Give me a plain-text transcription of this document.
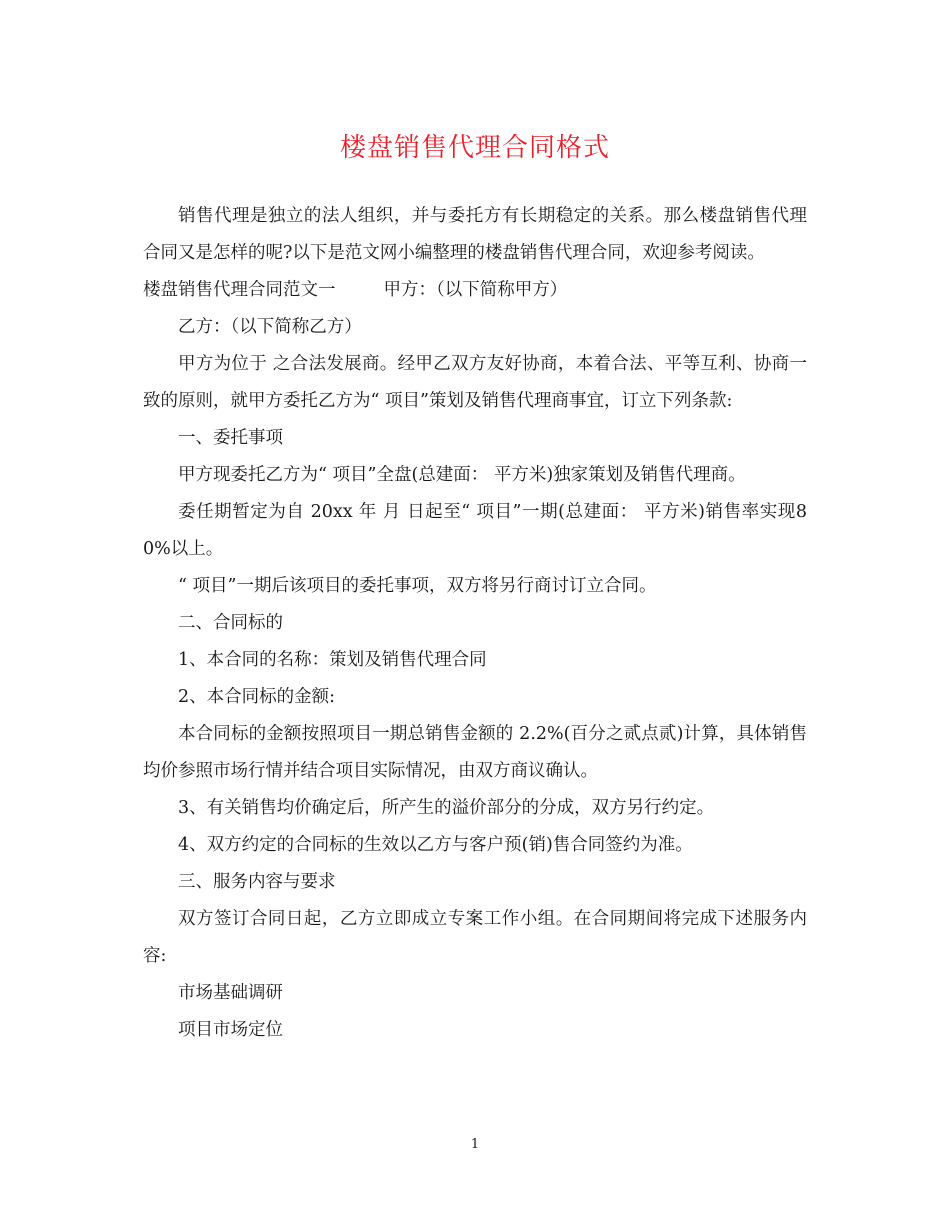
楼盘销售代理合同格式

销售代理是独立的法人组织，并与委托方有长期稳定的关系。那么楼盘销售代理合同又是怎样的呢?以下是范文网小编整理的楼盘销售代理合同，欢迎参考阅读。

楼盘销售代理合同范文一	甲方：（以下简称甲方）

乙方：（以下简称乙方）

甲方为位于 之合法发展商。经甲乙双方友好协商，本着合法、平等互利、协商一致的原则，就甲方委托乙方为“ 项目”策划及销售代理商事宜，订立下列条款:

一、委托事项

甲方现委托乙方为“ 项目”全盘(总建面： 平方米)独家策划及销售代理商。

委任期暂定为自 20xx 年 月 日起至“ 项目”一期(总建面： 平方米)销售率实现80%以上。

“ 项目”一期后该项目的委托事项，双方将另行商讨订立合同。

二、合同标的

1、本合同的名称：策划及销售代理合同

2、本合同标的金额:

本合同标的金额按照项目一期总销售金额的 2.2%(百分之贰点贰)计算，具体销售均价参照市场行情并结合项目实际情况，由双方商议确认。

3、有关销售均价确定后，所产生的溢价部分的分成，双方另行约定。

4、双方约定的合同标的生效以乙方与客户预(销)售合同签约为准。

三、服务内容与要求

双方签订合同日起，乙方立即成立专案工作小组。在合同期间将完成下述服务内容:

市场基础调研

项目市场定位

1
